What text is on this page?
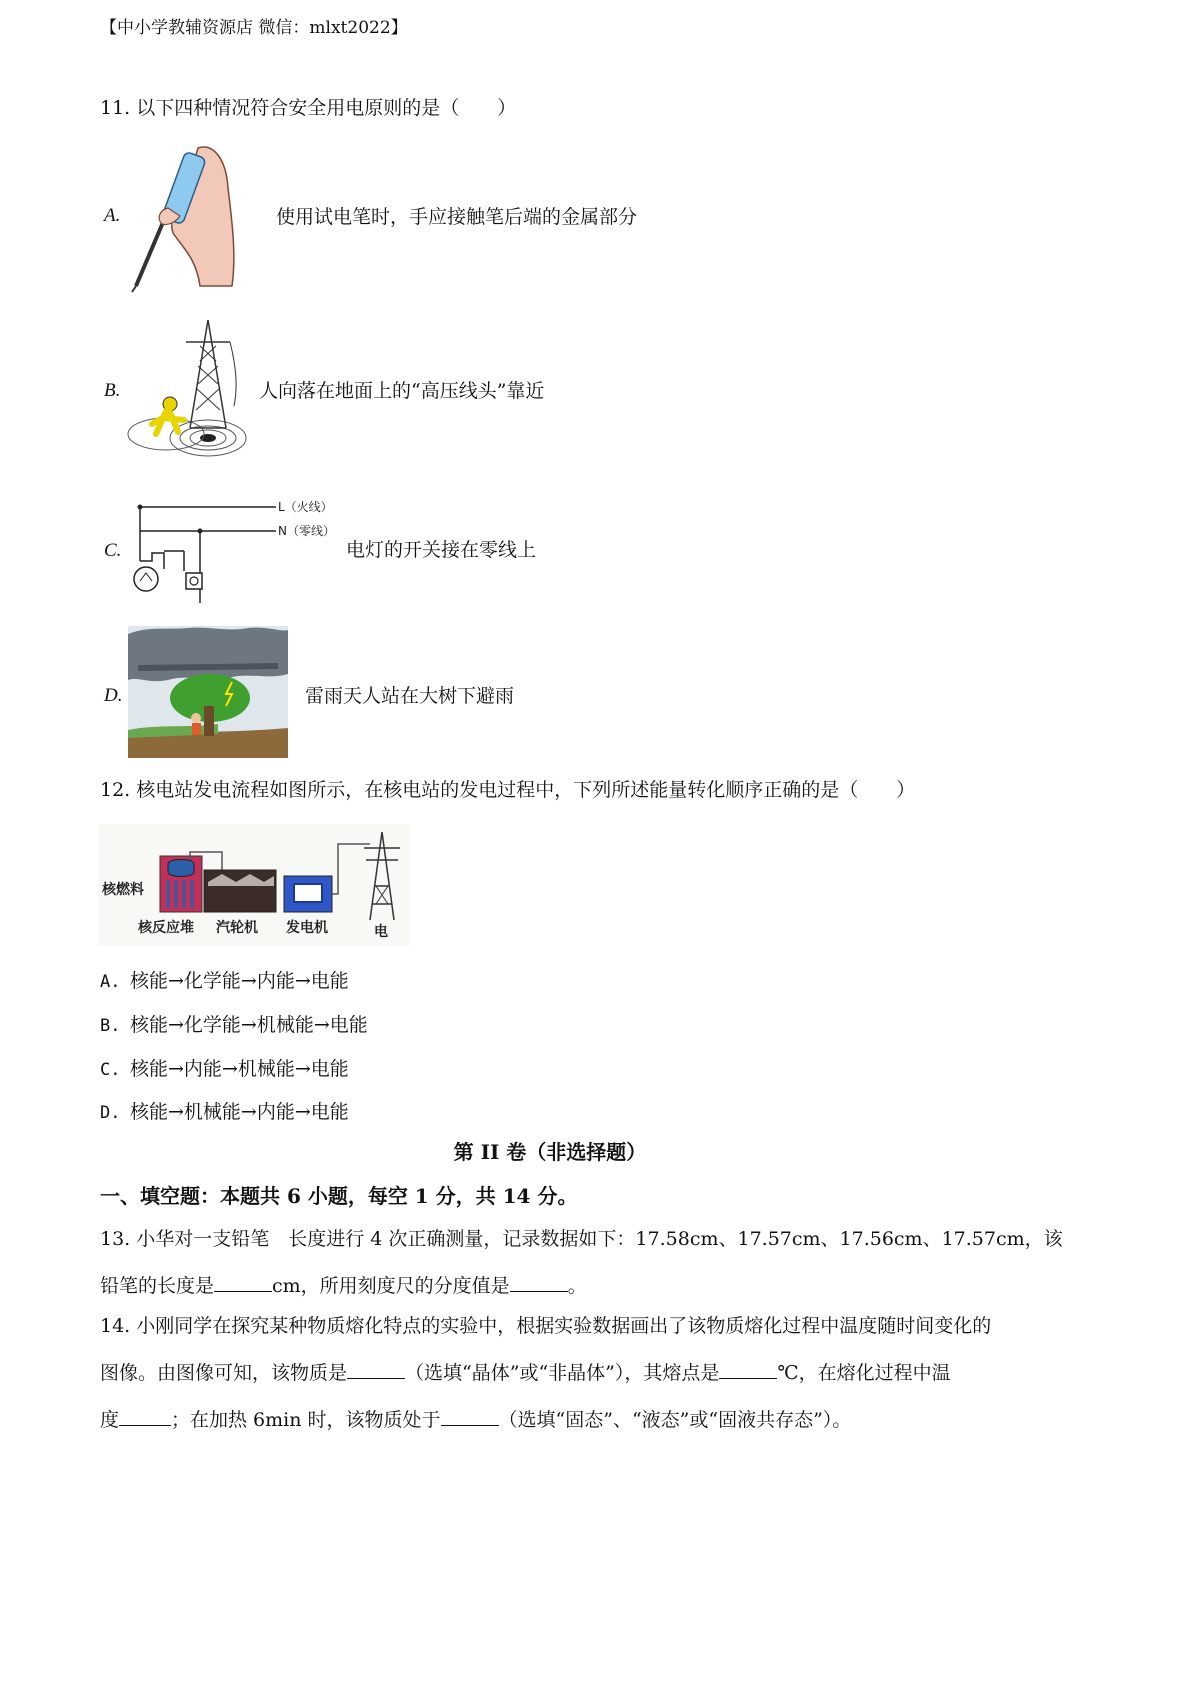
【中小学教辅资源店 微信：mlxt2022】
11. 以下四种情况符合安全用电原则的是（　　）
A.	使用试电笔时，手应接触笔后端的金属部分
B.	人向落在地面上的“高压线头”靠近
C.
L（火线）
N（零线）
电灯的开关接在零线上
D.	雷雨天人站在大树下避雨
12. 核电站发电流程如图所示，在核电站的发电过程中，下列所述能量转化顺序正确的是（　　）
核燃料
核反应堆 汽轮机 发电机	电
A. 核能→化学能→内能→电能
B. 核能→化学能→机械能→电能
C. 核能→内能→机械能→电能
D. 核能→机械能→内能→电能
第 II 卷（非选择题）
一、填空题：本题共 6 小题，每空 1 分，共 14 分。
13. 小华对一支铅笔　长度进行 4 次正确测量，记录数据如下：17.58cm、17.57cm、17.56cm、17.57cm，该
铅笔的长度是	cm，所用刻度尺的分度值是	。
14. 小刚同学在探究某种物质熔化特点的实验中，根据实验数据画出了该物质熔化过程中温度随时间变化的
图像。由图像可知，该物质是	（选填“晶体”或“非晶体”），其熔点是	℃，在熔化过程中温
度	；在加热 6min 时，该物质处于	（选填“固态”、“液态”或“固液共存态”）。
